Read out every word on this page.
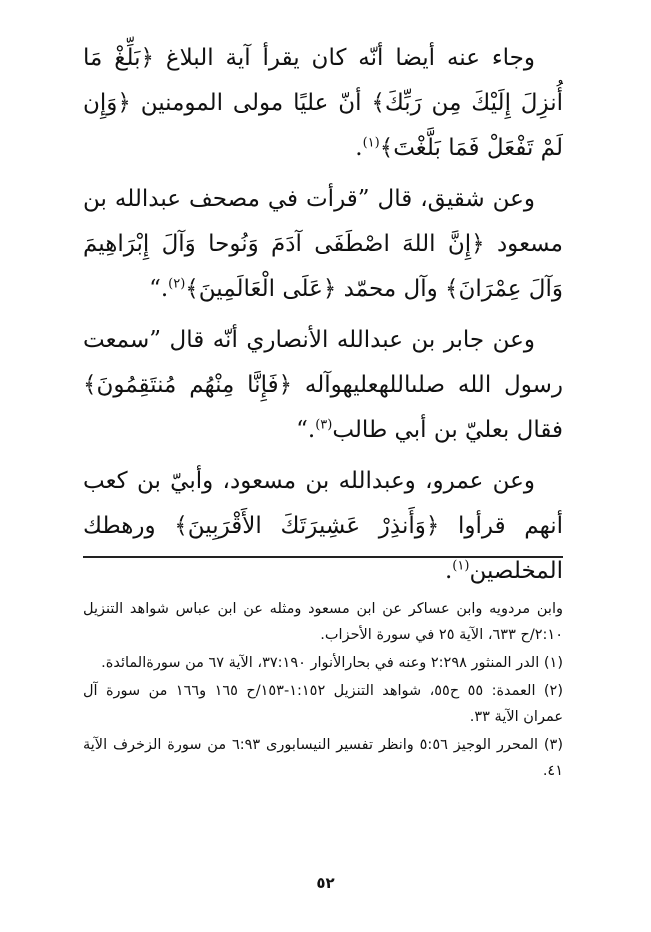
وجاء عنه أيضا أنّه كان يقرأ آية البلاغ ﴿بَلِّغْ مَا أُنزِلَ إِلَيْكَ مِن رَبِّكَ﴾ أنّ عليًا مولى المومنين ﴿وَإِن لَمْ تَفْعَلْ فَمَا بَلَّغْتَ﴾$^{(١)}$.

وعن شقيق، قال ”قرأت في مصحف عبدالله بن مسعود ﴿إِنَّ اللهَ اصْطَفَى آدَمَ وَنُوحا وَآلَ إِبْرَاهِيمَ وَآلَ عِمْرَانَ﴾ وآل محمّد ﴿عَلَى الْعَالَمِينَ﴾$^{(٢)}$.“

وعن جابر بن عبدالله الأنصاري أنّه قال ”سمعت رسول الله صلىاللهعليهوآله ﴿فَإِنَّا مِنْهُم مُنتَقِمُونَ﴾ فقال بعليّ بن أبي طالب$^{(٣)}$.“

وعن عمرو، وعبدالله بن مسعود، وأبيّ بن كعب أنهم قرأوا ﴿وَأَنذِرْ عَشِيرَتَكَ الأَقْرَبِينَ﴾ ورهطك المخلصين$^{(١)}$.

وابن مردويه وابن عساكر عن ابن مسعود ومثله عن ابن عباس شواهد التنزيل ٢:١٠/ح ٦٣٣، الآية ٢٥ في سورة الأحزاب.

(١) الدر المنثور ٢:٢٩٨ وعنه في بحارالأنوار ٣٧:١٩٠، الآية ٦٧ من سورةالمائدة.

(٢) العمدة: ٥٥ ح٥٥، شواهد التنزيل ١:١٥٢-١٥٣/ح ١٦٥ و١٦٦ من سورة آل عمران الآية ٣٣.

(٣) المحرر الوجيز ٥:٥٦ وانظر تفسير النيسابورى ٦:٩٣ من سورة الزخرف الآية ٤١.

٥٢
